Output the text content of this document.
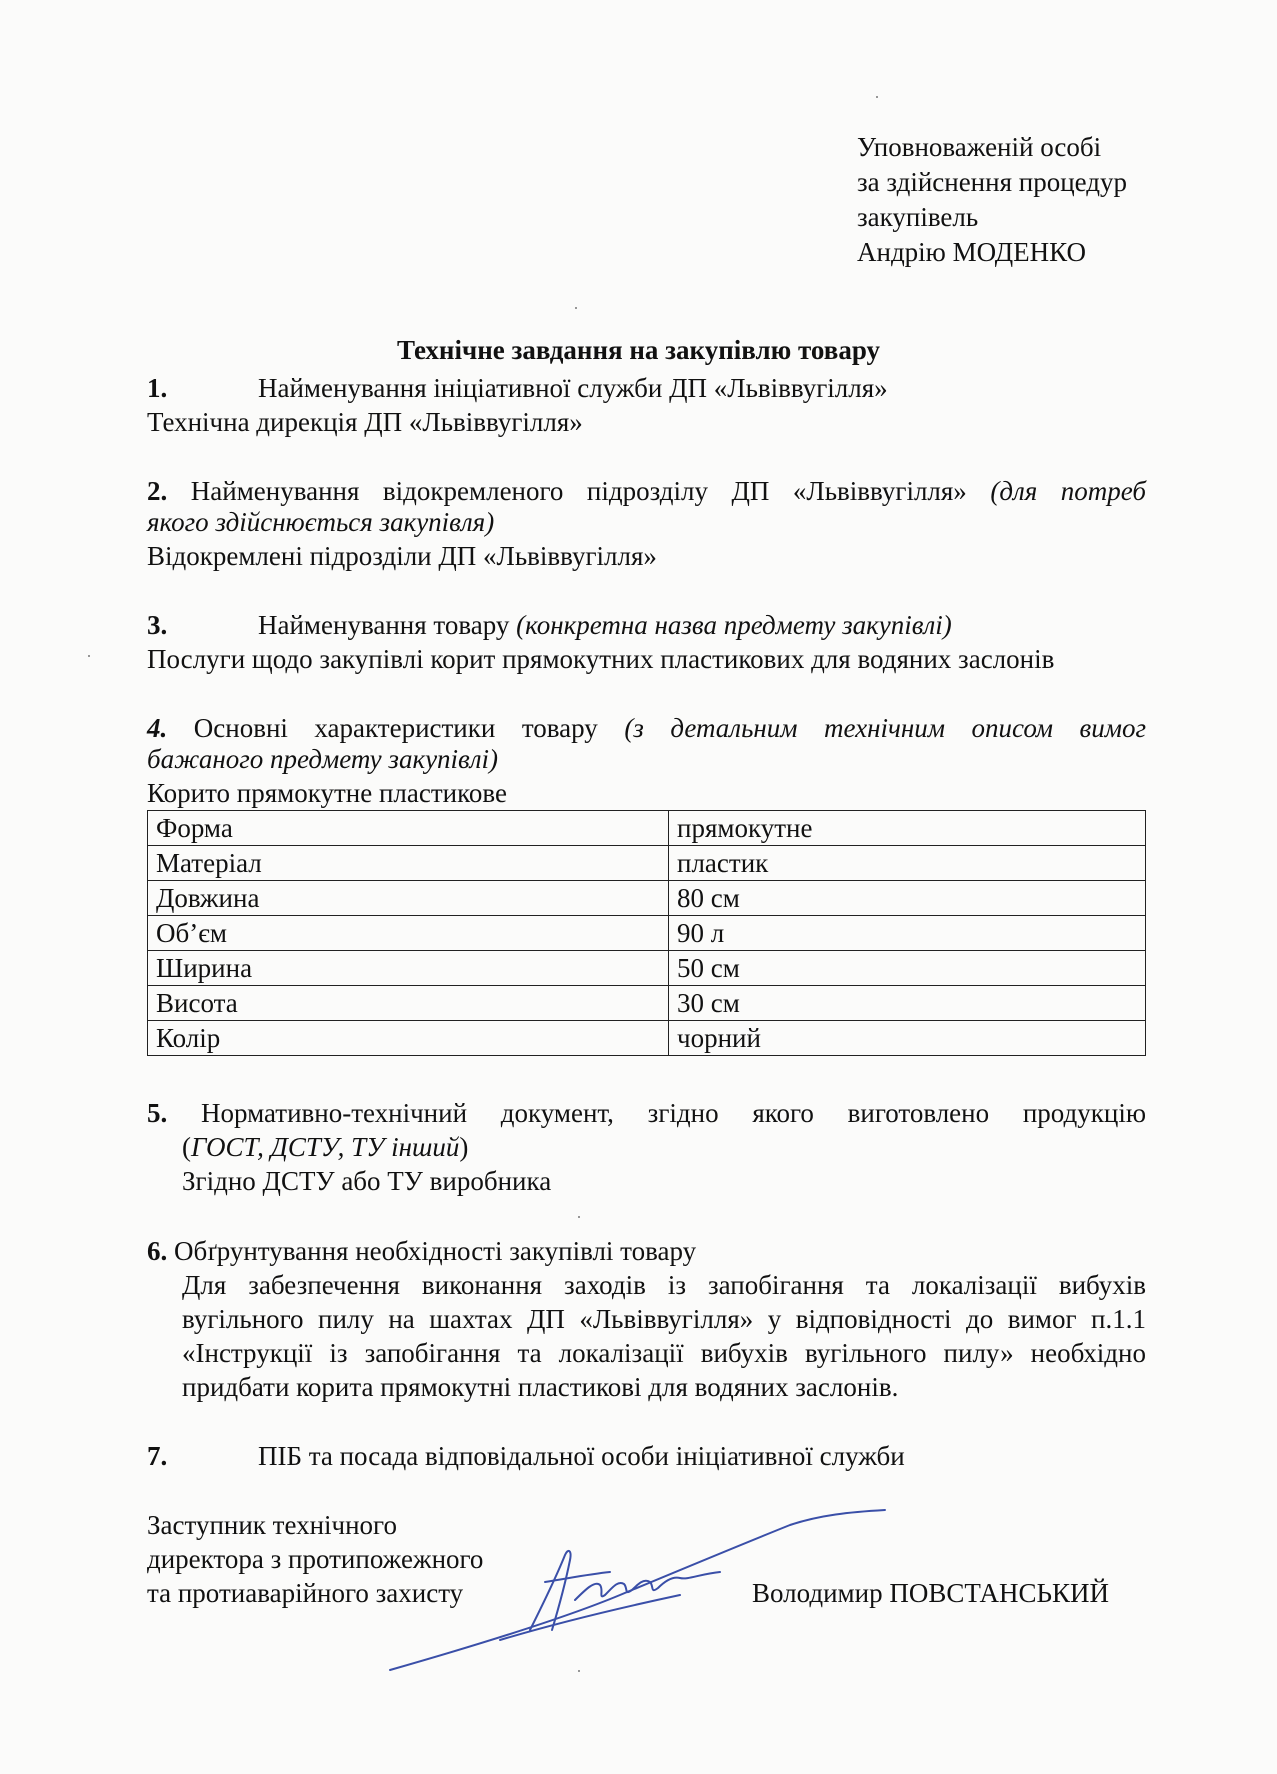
Уповноваженій особі
за здійснення процедур
закупівель
Андрію МОДЕНКО
Технічне завдання на закупівлю товару
1.	Найменування ініціативної служби ДП «Львіввугілля»
Технічна дирекція ДП «Львіввугілля»
2. Найменування відокремленого підрозділу ДП «Львіввугілля» (для потреб
якого здійснюється закупівля)
Відокремлені підрозділи ДП «Львіввугілля»
3.	Найменування товару (конкретна назва предмету закупівлі)
Послуги щодо закупівлі корит прямокутних пластикових для водяних заслонів
4. Основні характеристики товару (з детальним технічним описом вимог
бажаного предмету закупівлі)
Корито прямокутне пластикове
Форма	прямокутне
Матеріал	пластик
Довжина	80 см
Об’єм	90 л
Ширина	50 см
Висота	30 см
Колір	чорний
5. Нормативно-технічний документ, згідно якого виготовлено продукцію
(ГОСТ, ДСТУ, ТУ інший)
Згідно ДСТУ або ТУ виробника
6. Обґрунтування необхідності закупівлі товару
Для забезпечення виконання заходів із запобігання та локалізації вибухів
вугільного пилу на шахтах ДП «Львіввугілля» у відповідності до вимог п.1.1
«Інструкції із запобігання та локалізації вибухів вугільного пилу» необхідно
придбати корита прямокутні пластикові для водяних заслонів.
7.	ПІБ та посада відповідальної особи ініціативної служби
Заступник технічного
директора з протипожежного
та протиаварійного захисту	Володимир ПОВСТАНСЬКИЙ
